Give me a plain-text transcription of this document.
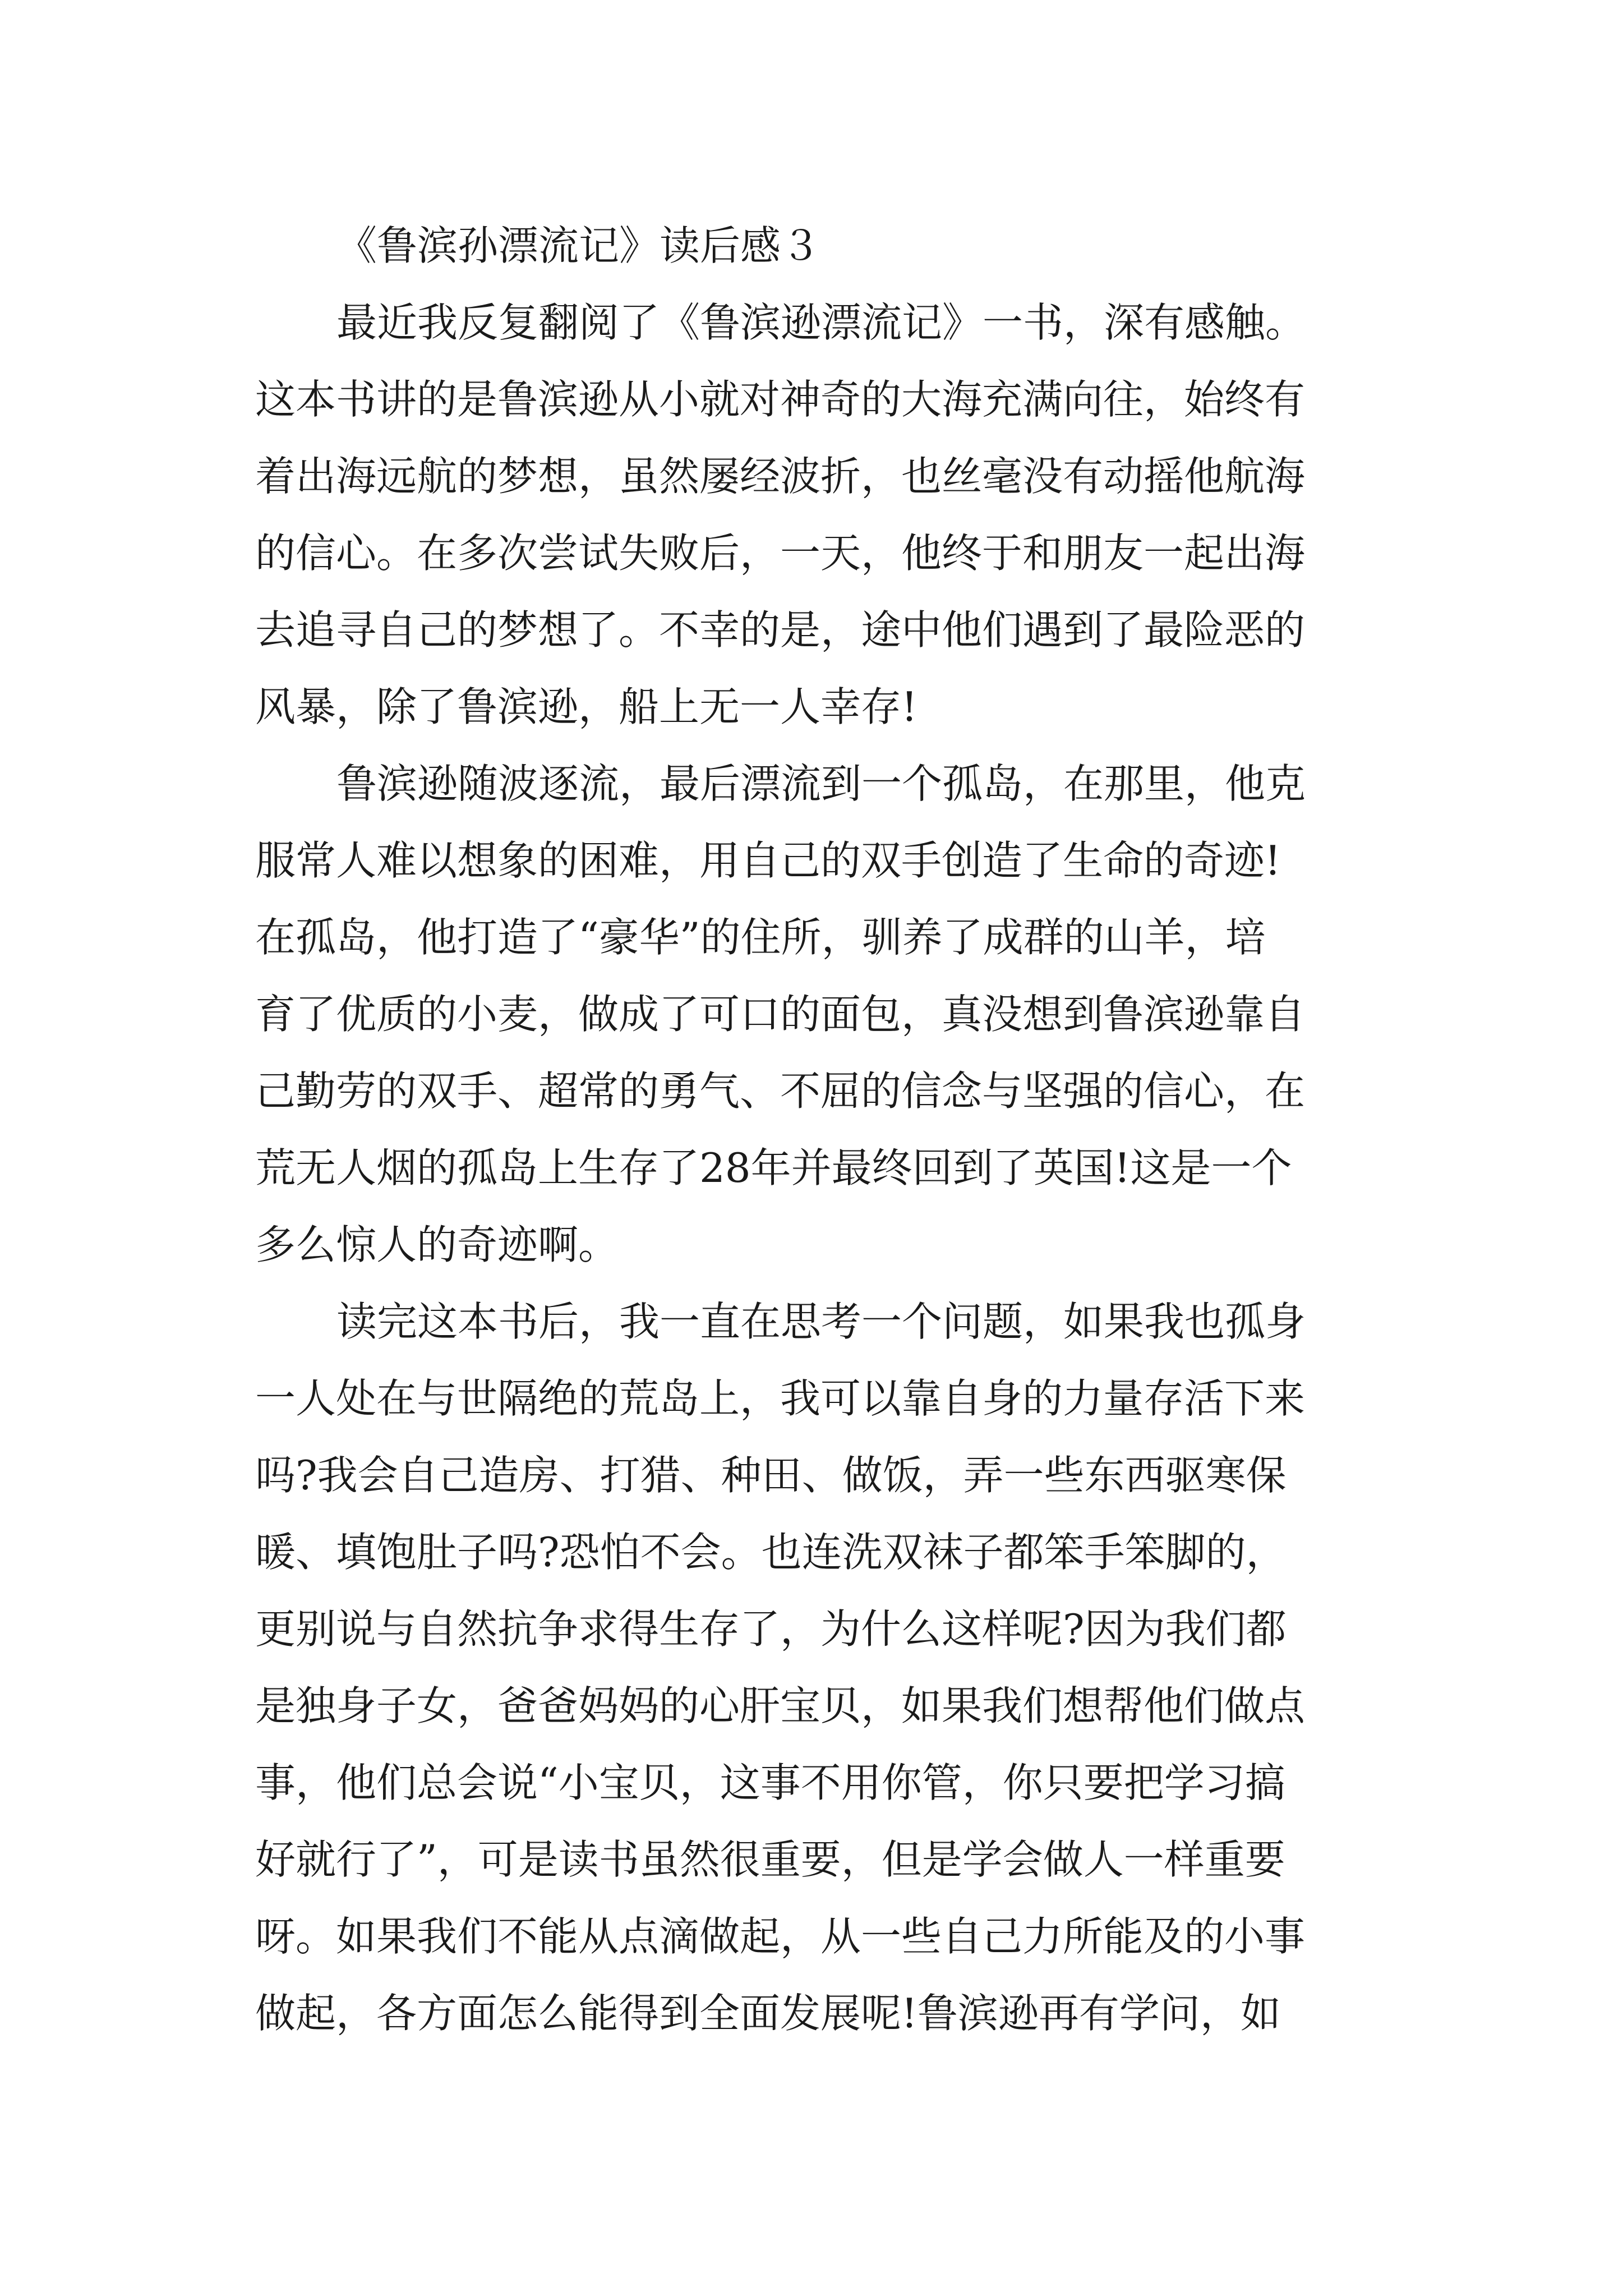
《鲁滨孙漂流记》读后感３

最近我反复翻阅了《鲁滨逊漂流记》一书，深有感触。

这本书讲的是鲁滨逊从小就对神奇的大海充满向往，始终有

着出海远航的梦想，虽然屡经波折，也丝毫没有动摇他航海

的信心。在多次尝试失败后，一天，他终于和朋友一起出海

去追寻自己的梦想了。不幸的是，途中他们遇到了最险恶的

风暴，除了鲁滨逊，船上无一人幸存!

鲁滨逊随波逐流，最后漂流到一个孤岛，在那里，他克

服常人难以想象的困难，用自己的双手创造了生命的奇迹!

在孤岛，他打造了“豪华”的住所，驯养了成群的山羊，培

育了优质的小麦，做成了可口的面包，真没想到鲁滨逊靠自

己勤劳的双手、超常的勇气、不屈的信念与坚强的信心，在

荒无人烟的孤岛上生存了28年并最终回到了英国!这是一个

多么惊人的奇迹啊。

读完这本书后，我一直在思考一个问题，如果我也孤身

一人处在与世隔绝的荒岛上，我可以靠自身的力量存活下来

吗?我会自己造房、打猎、种田、做饭，弄一些东西驱寒保

暖、填饱肚子吗?恐怕不会。也连洗双袜子都笨手笨脚的，

更别说与自然抗争求得生存了，为什么这样呢?因为我们都

是独身子女，爸爸妈妈的心肝宝贝，如果我们想帮他们做点

事，他们总会说“小宝贝，这事不用你管，你只要把学习搞

好就行了”，可是读书虽然很重要，但是学会做人一样重要

呀。如果我们不能从点滴做起，从一些自己力所能及的小事

做起，各方面怎么能得到全面发展呢!鲁滨逊再有学问，如
